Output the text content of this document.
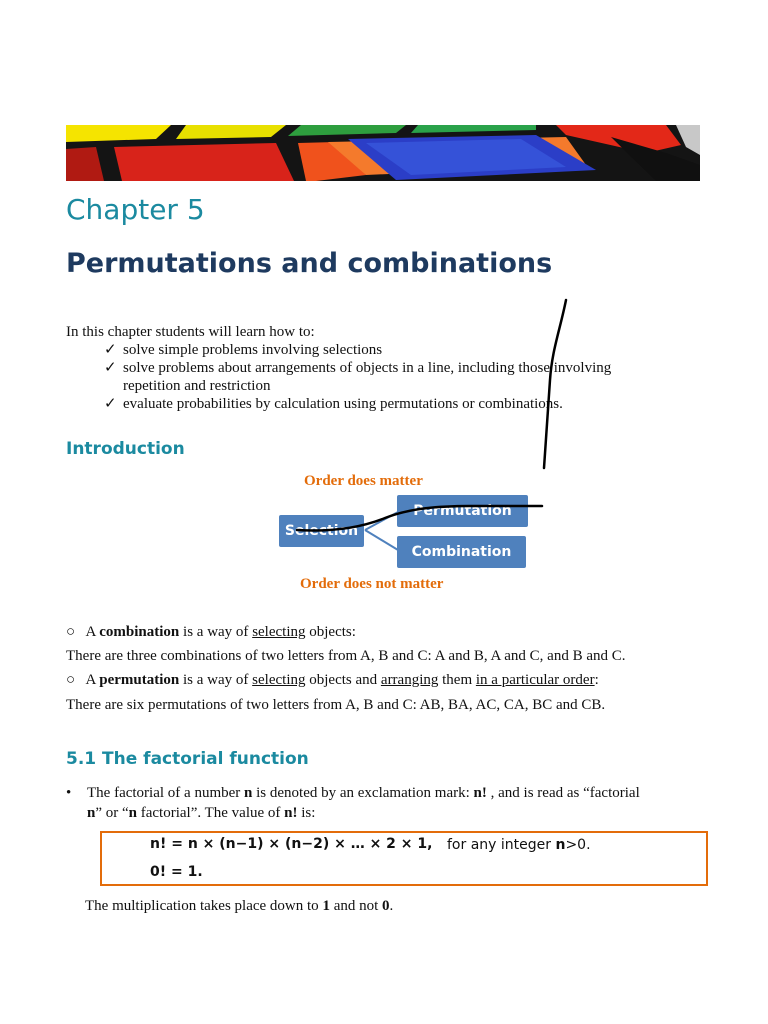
Chapter 5
Permutations and combinations
In this chapter students will learn how to:
✓ solve simple problems involving selections
✓ solve problems about arrangements of objects in a line, including those involving
repetition and restriction
✓ evaluate probabilities by calculation using permutations or combinations.
Introduction
Order does matter
Selection
Permutation
Combination
Order does not matter
○ A combination is a way of selecting objects:
There are three combinations of two letters from A, B and C: A and B, A and C, and B and C.
○ A permutation is a way of selecting objects and arranging them in a particular order:
There are six permutations of two letters from A, B and C: AB, BA, AC, CA, BC and CB.
5.1 The factorial function
• The factorial of a number n is denoted by an exclamation mark: n! , and is read as “factorial
n” or “n factorial”. The value of n! is:
n! = n × (n−1) × (n−2) × … × 2 × 1, for any integer n>0.
0! = 1.
The multiplication takes place down to 1 and not 0.
